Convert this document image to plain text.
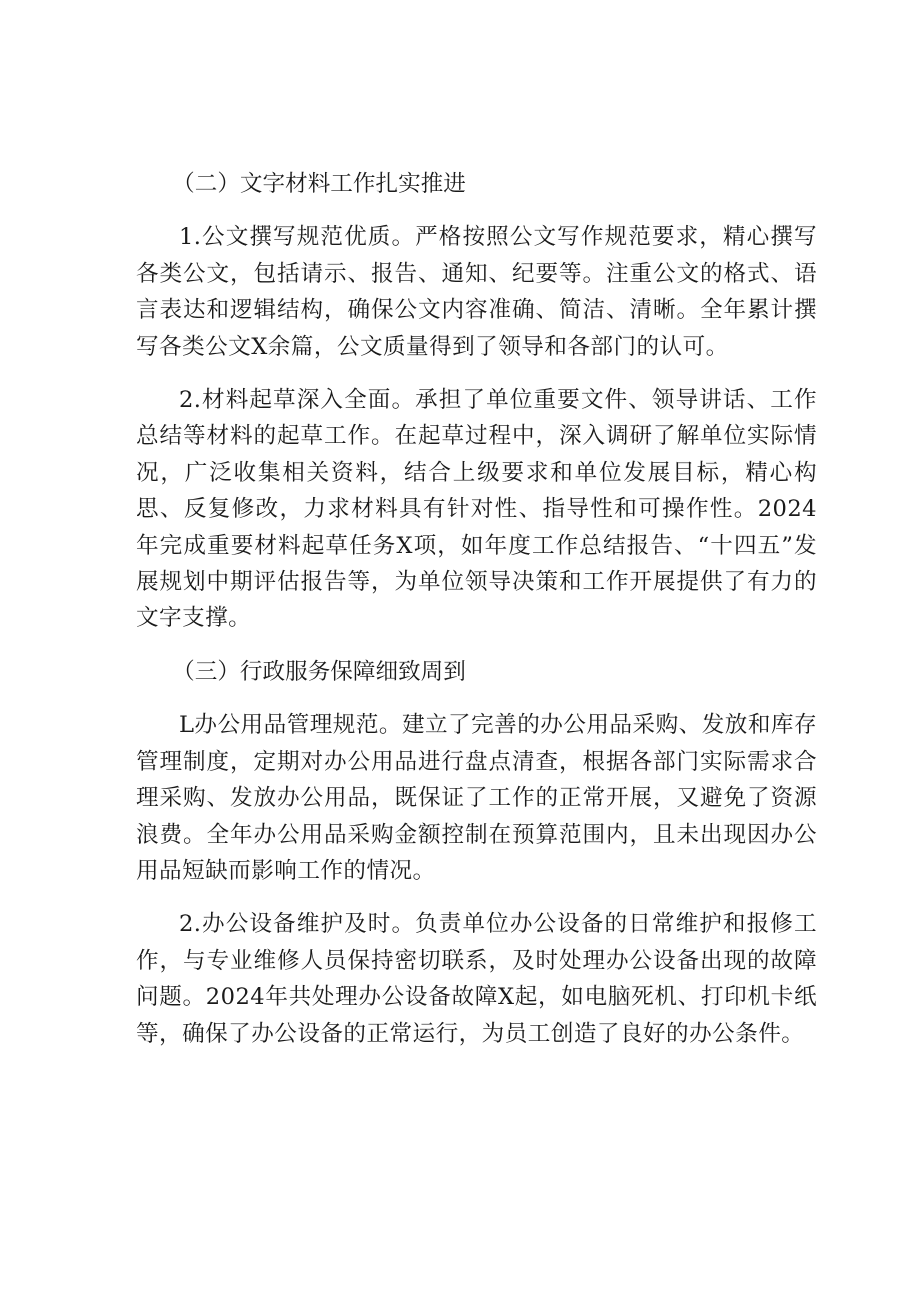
（二）文字材料工作扎实推进

1.公文撰写规范优质。严格按照公文写作规范要求，精心撰写各类公文，包括请示、报告、通知、纪要等。注重公文的格式、语言表达和逻辑结构，确保公文内容准确、简洁、清晰。全年累计撰写各类公文X余篇，公文质量得到了领导和各部门的认可。

2.材料起草深入全面。承担了单位重要文件、领导讲话、工作总结等材料的起草工作。在起草过程中，深入调研了解单位实际情况，广泛收集相关资料，结合上级要求和单位发展目标，精心构思、反复修改，力求材料具有针对性、指导性和可操作性。2024年完成重要材料起草任务X项，如年度工作总结报告、“十四五”发展规划中期评估报告等，为单位领导决策和工作开展提供了有力的文字支撑。

（三）行政服务保障细致周到

L办公用品管理规范。建立了完善的办公用品采购、发放和库存管理制度，定期对办公用品进行盘点清查，根据各部门实际需求合理采购、发放办公用品，既保证了工作的正常开展，又避免了资源浪费。全年办公用品采购金额控制在预算范围内，且未出现因办公用品短缺而影响工作的情况。

2.办公设备维护及时。负责单位办公设备的日常维护和报修工作，与专业维修人员保持密切联系，及时处理办公设备出现的故障问题。2024年共处理办公设备故障X起，如电脑死机、打印机卡纸等，确保了办公设备的正常运行，为员工创造了良好的办公条件。
